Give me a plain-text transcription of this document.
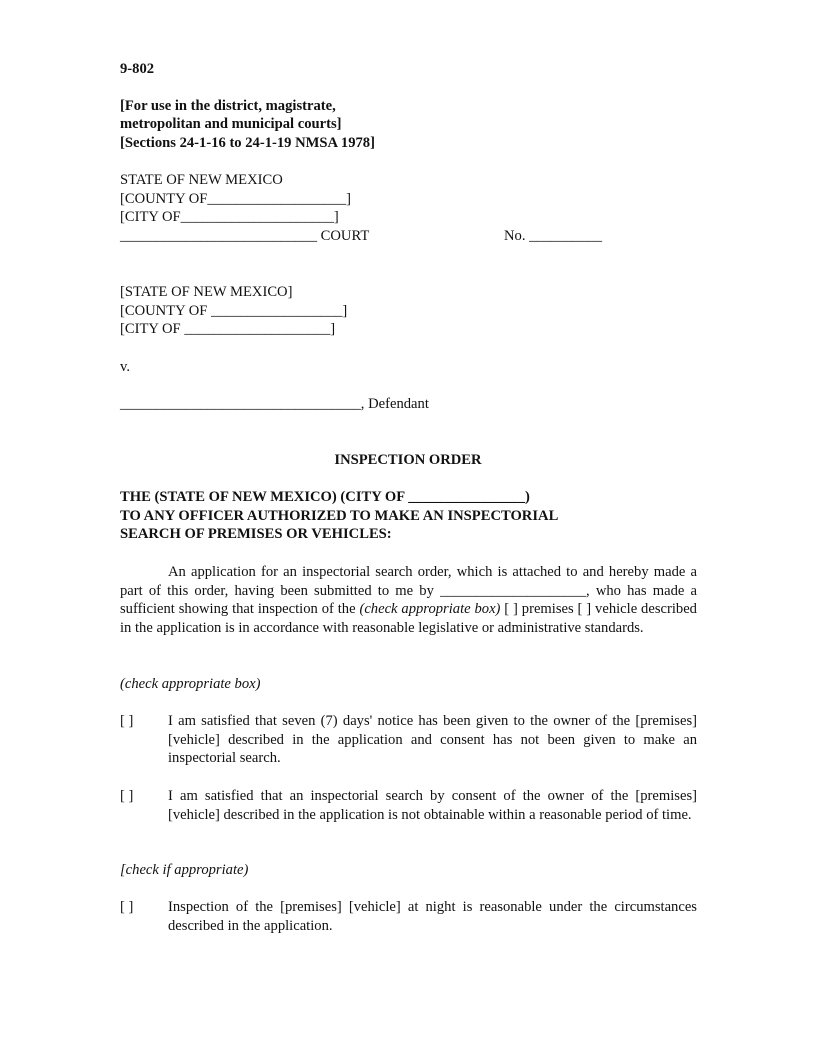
9-802
[For use in the district, magistrate,
metropolitan and municipal courts]
[Sections 24-1-16 to 24-1-19 NMSA 1978]
STATE OF NEW MEXICO
[COUNTY OF___________________]
[CITY OF_____________________]
___________________________ COURT	No. __________
[STATE OF NEW MEXICO]
[COUNTY OF __________________]
[CITY OF ____________________]
v.
_________________________________, Defendant
INSPECTION ORDER
THE (STATE OF NEW MEXICO) (CITY OF ________________)
TO ANY OFFICER AUTHORIZED TO MAKE AN INSPECTORIAL
SEARCH OF PREMISES OR VEHICLES:
An application for an inspectorial search order, which is attached to and hereby made a part of this order, having been submitted to me by ____________________, who has made a sufficient showing that inspection of the (check appropriate box) [ ] premises [ ] vehicle described in the application is in accordance with reasonable legislative or administrative standards.
(check appropriate box)
[ ] I am satisfied that seven (7) days' notice has been given to the owner of the [premises] [vehicle] described in the application and consent has not been given to make an inspectorial search.
[ ] I am satisfied that an inspectorial search by consent of the owner of the [premises] [vehicle] described in the application is not obtainable within a reasonable period of time.
[check if appropriate)
[ ] Inspection of the [premises] [vehicle] at night is reasonable under the circumstances described in the application.
